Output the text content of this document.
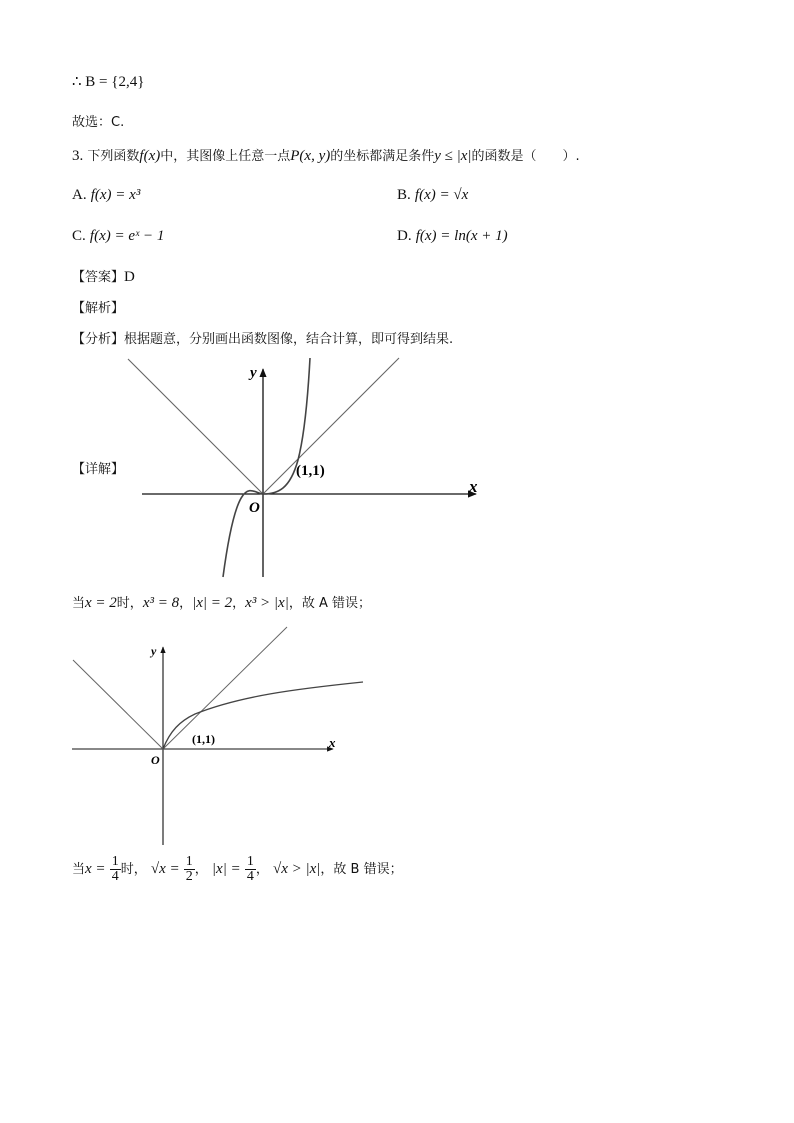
∴ B = {2,4}
故选：C.
3. 下列函数f(x)中，其图像上任意一点P(x, y)的坐标都满足条件y ≤ |x|的函数是（　　）.
A. f(x) = x³	B. f(x) = √x
C. f(x) = eˣ − 1	D. f(x) = ln(x + 1)
【答案】D
【解析】
【分析】根据题意，分别画出函数图像，结合计算，即可得到结果.
【详解】
y
x
O
(1,1)
当x = 2时，x³ = 8，|x| = 2，x³ > |x|，故 A 错误；
y
x
O
(1,1)
当$x = \frac{1}{4}$ 时， $√x = \frac{1}{2}$ ， $|x| = \frac{1}{4}$ ， √x > |x|，故 B 错误；
